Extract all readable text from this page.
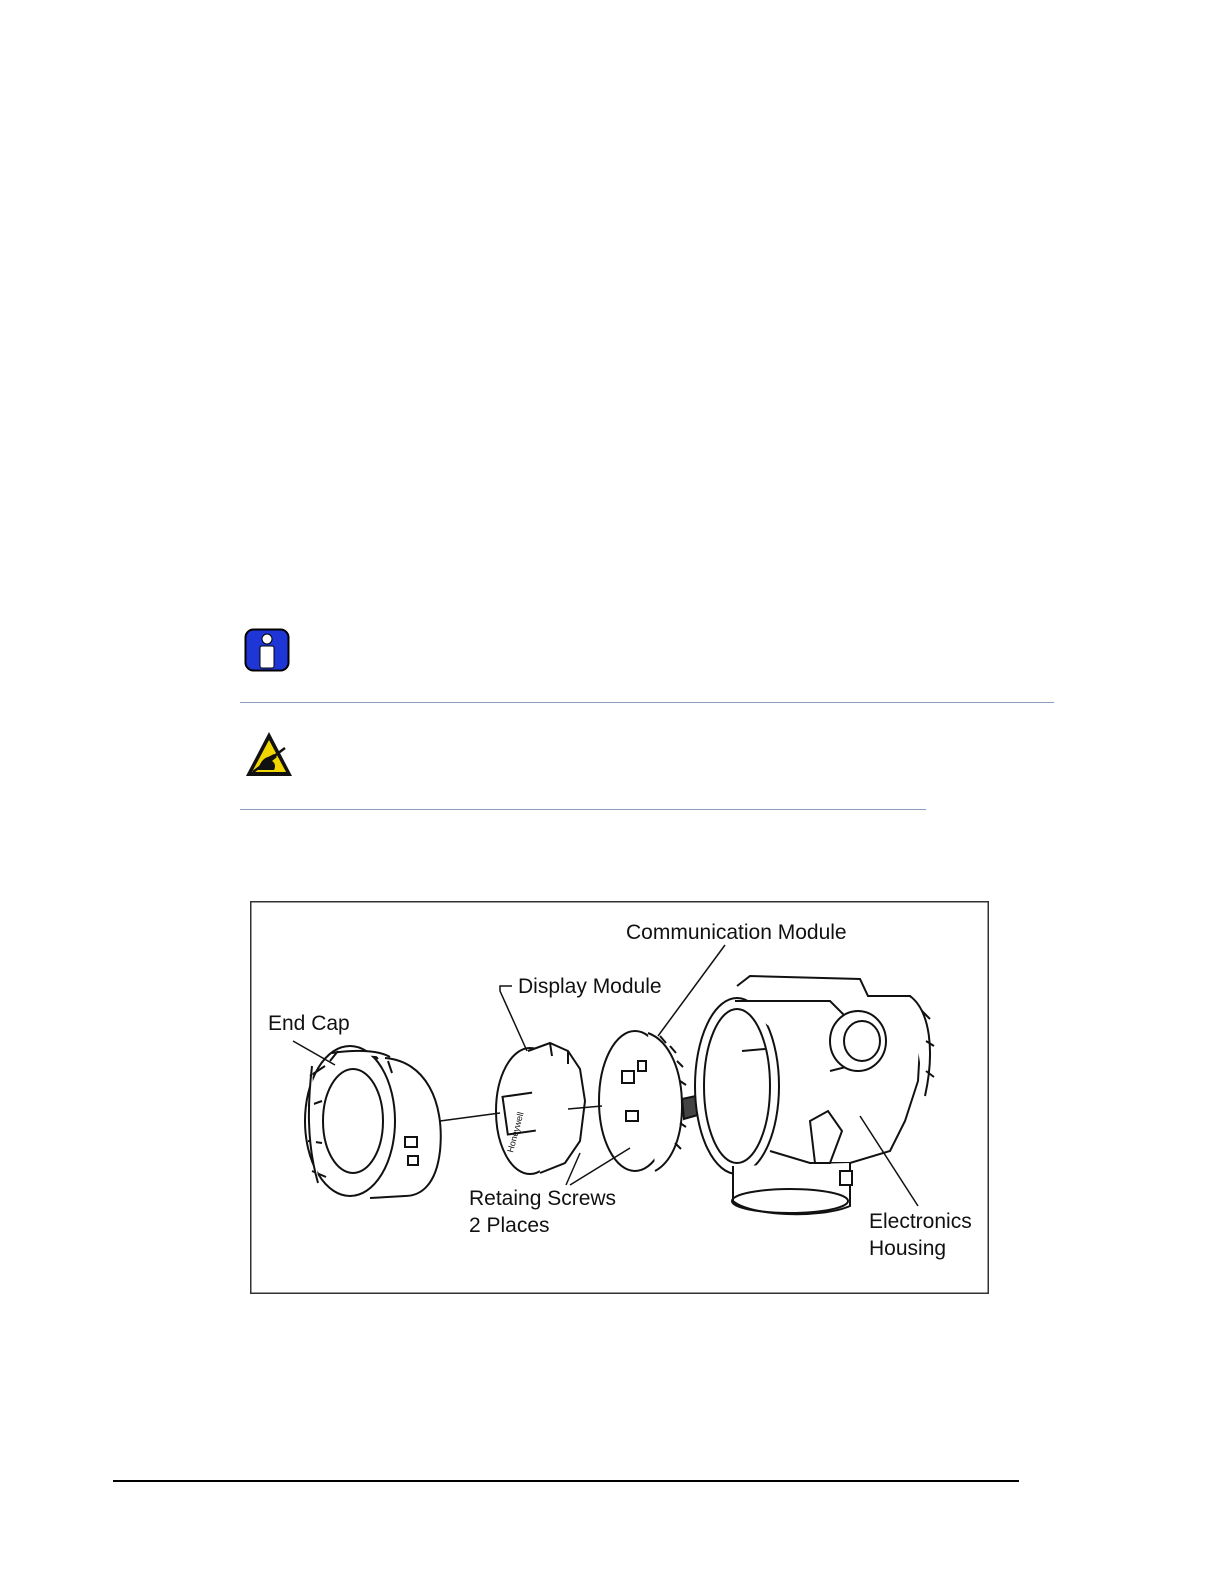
Honeywell
Communication Module
Display Module
End Cap
Retaing Screws
2 Places	Electronics
Housing
